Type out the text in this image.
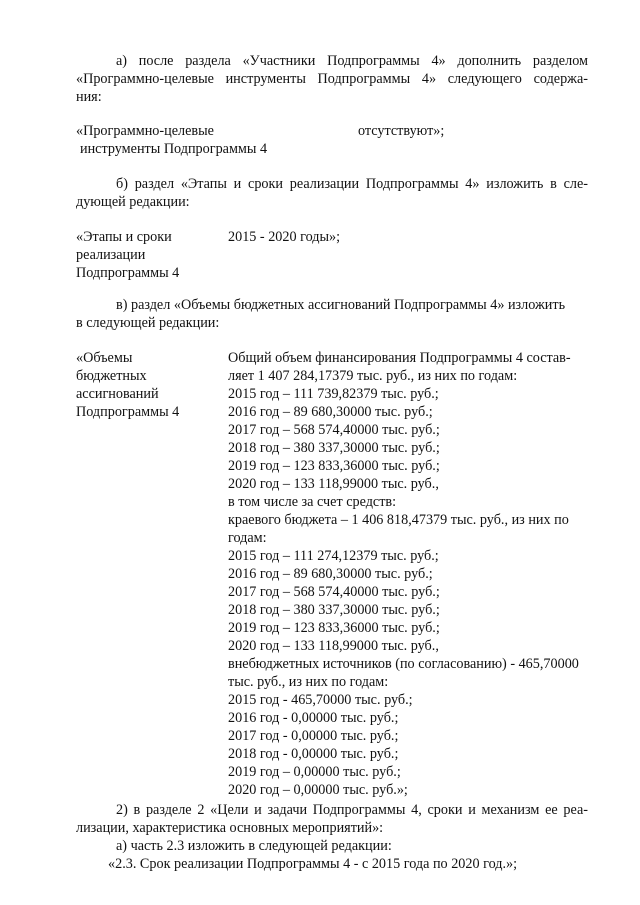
а) после раздела «Участники Подпрограммы 4» дополнить разделом
«Программно-целевые инструменты Подпрограммы 4» следующего содержа-
ния:
«Программно-целевые
инструменты Подпрограммы 4
отсутствуют»;
б) раздел «Этапы и сроки реализации Подпрограммы 4» изложить в сле-
дующей редакции:
«Этапы и сроки
реализации
Подпрограммы 4
2015 - 2020 годы»;
в) раздел «Объемы бюджетных ассигнований Подпрограммы 4» изложить
в следующей редакции:
«Объемы
бюджетных
ассигнований
Подпрограммы 4
Общий объем финансирования Подпрограммы 4 состав-
ляет 1 407 284,17379 тыс. руб., из них по годам:
2015 год – 111 739,82379 тыс. руб.;
2016 год – 89 680,30000 тыс. руб.;
2017 год – 568 574,40000 тыс. руб.;
2018 год – 380 337,30000 тыс. руб.;
2019 год – 123 833,36000 тыс. руб.;
2020 год – 133 118,99000 тыс. руб.,
в том числе за счет средств:
краевого бюджета – 1 406 818,47379 тыс. руб., из них по
годам:
2015 год – 111 274,12379 тыс. руб.;
2016 год – 89 680,30000 тыс. руб.;
2017 год – 568 574,40000 тыс. руб.;
2018 год – 380 337,30000 тыс. руб.;
2019 год – 123 833,36000 тыс. руб.;
2020 год – 133 118,99000 тыс. руб.,
внебюджетных источников (по согласованию) - 465,70000
тыс. руб., из них по годам:
2015 год - 465,70000 тыс. руб.;
2016 год - 0,00000 тыс. руб.;
2017 год - 0,00000 тыс. руб.;
2018 год - 0,00000 тыс. руб.;
2019 год – 0,00000 тыс. руб.;
2020 год – 0,00000 тыс. руб.»;
2) в разделе 2 «Цели и задачи Подпрограммы 4, сроки и механизм ее реа-
лизации, характеристика основных мероприятий»:
а) часть 2.3 изложить в следующей редакции:
«2.3. Срок реализации Подпрограммы 4 - с 2015 года по 2020 год.»;
